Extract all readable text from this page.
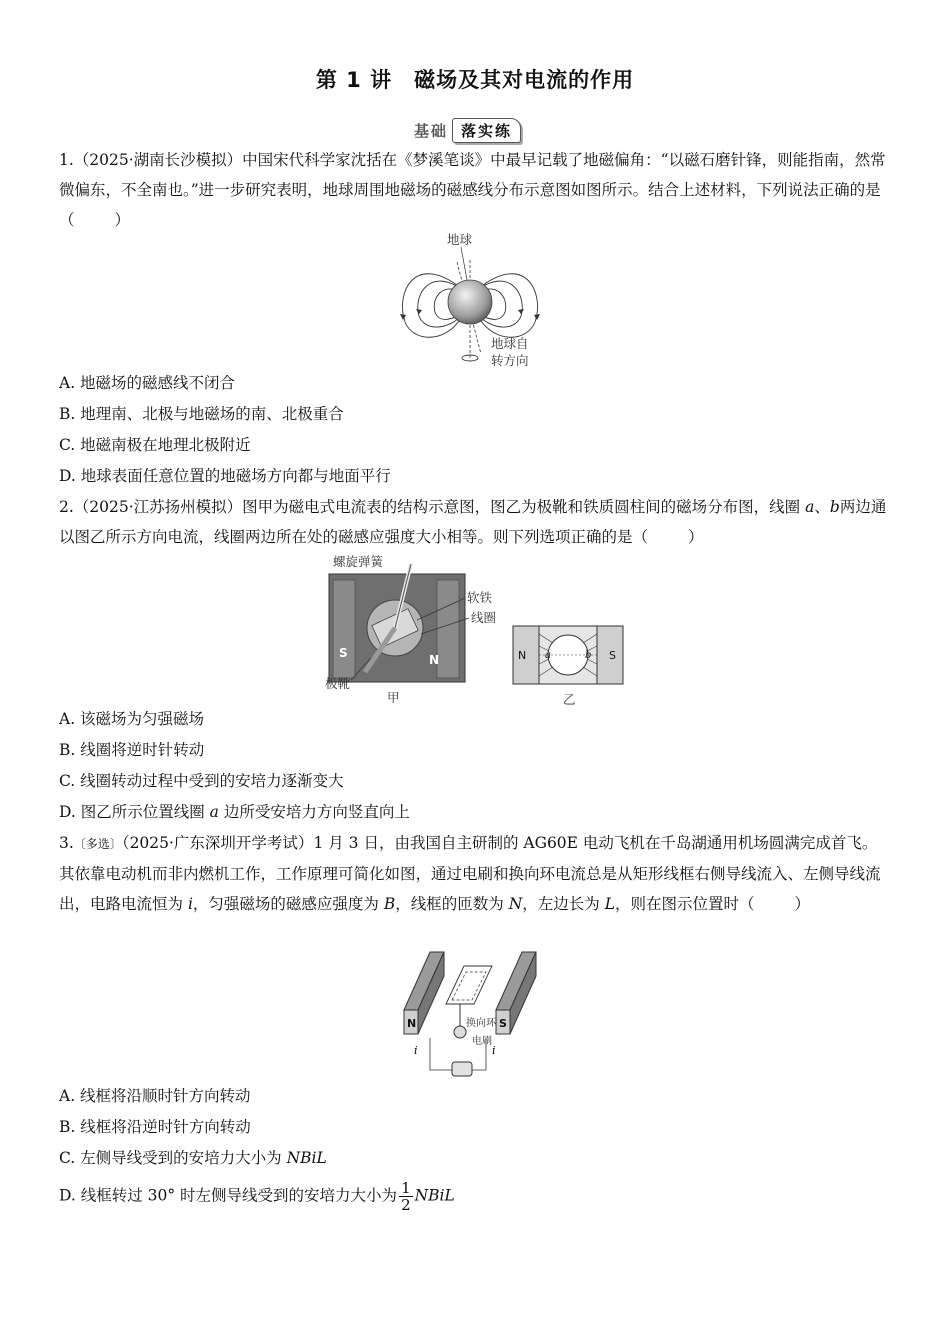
第 1 讲 磁场及其对电流的作用
基础 落实练
1.（2025·湖南长沙模拟）中国宋代科学家沈括在《梦溪笔谈》中最早记载了地磁偏角：“以磁石磨针锋，则能指南，然常微偏东，不全南也。”进一步研究表明，地球周围地磁场的磁感线分布示意图如图所示。结合上述材料，下列说法正确的是（	）
地球
地球自
转方向
A. 地磁场的磁感线不闭合
B. 地理南、北极与地磁场的南、北极重合
C. 地磁南极在地理北极附近
D. 地球表面任意位置的地磁场方向都与地面平行
2.（2025·江苏扬州模拟）图甲为磁电式电流表的结构示意图，图乙为极靴和铁质圆柱间的磁场分布图，线圈 a、b两边通以图乙所示方向电流，线圈两边所在处的磁感应强度大小相等。则下列选项正确的是（	）
螺旋弹簧
S	N
软铁
线圈
极靴
甲
N	S
a	b
乙
A. 该磁场为匀强磁场
B. 线圈将逆时针转动
C. 线圈转动过程中受到的安培力逐渐变大
D. 图乙所示位置线圈 a 边所受安培力方向竖直向上
3.〔多选〕（2025·广东深圳开学考试）1 月 3 日，由我国自主研制的 AG60E 电动飞机在千岛湖通用机场圆满完成首飞。其依靠电动机而非内燃机工作，工作原理可简化如图，通过电刷和换向环电流总是从矩形线框右侧导线流入、左侧导线流出，电路电流恒为 i，匀强磁场的磁感应强度为 B，线框的匝数为 N，左边长为 L，则在图示位置时（	）
N	S
换向环
电刷
i	i
A. 线框将沿顺时针方向转动
B. 线框将沿逆时针方向转动
C. 左侧导线受到的安培力大小为 NBiL
D. 线框转过 30° 时左侧导线受到的安培力大小为 $\frac{1}{2}$ NBiL
